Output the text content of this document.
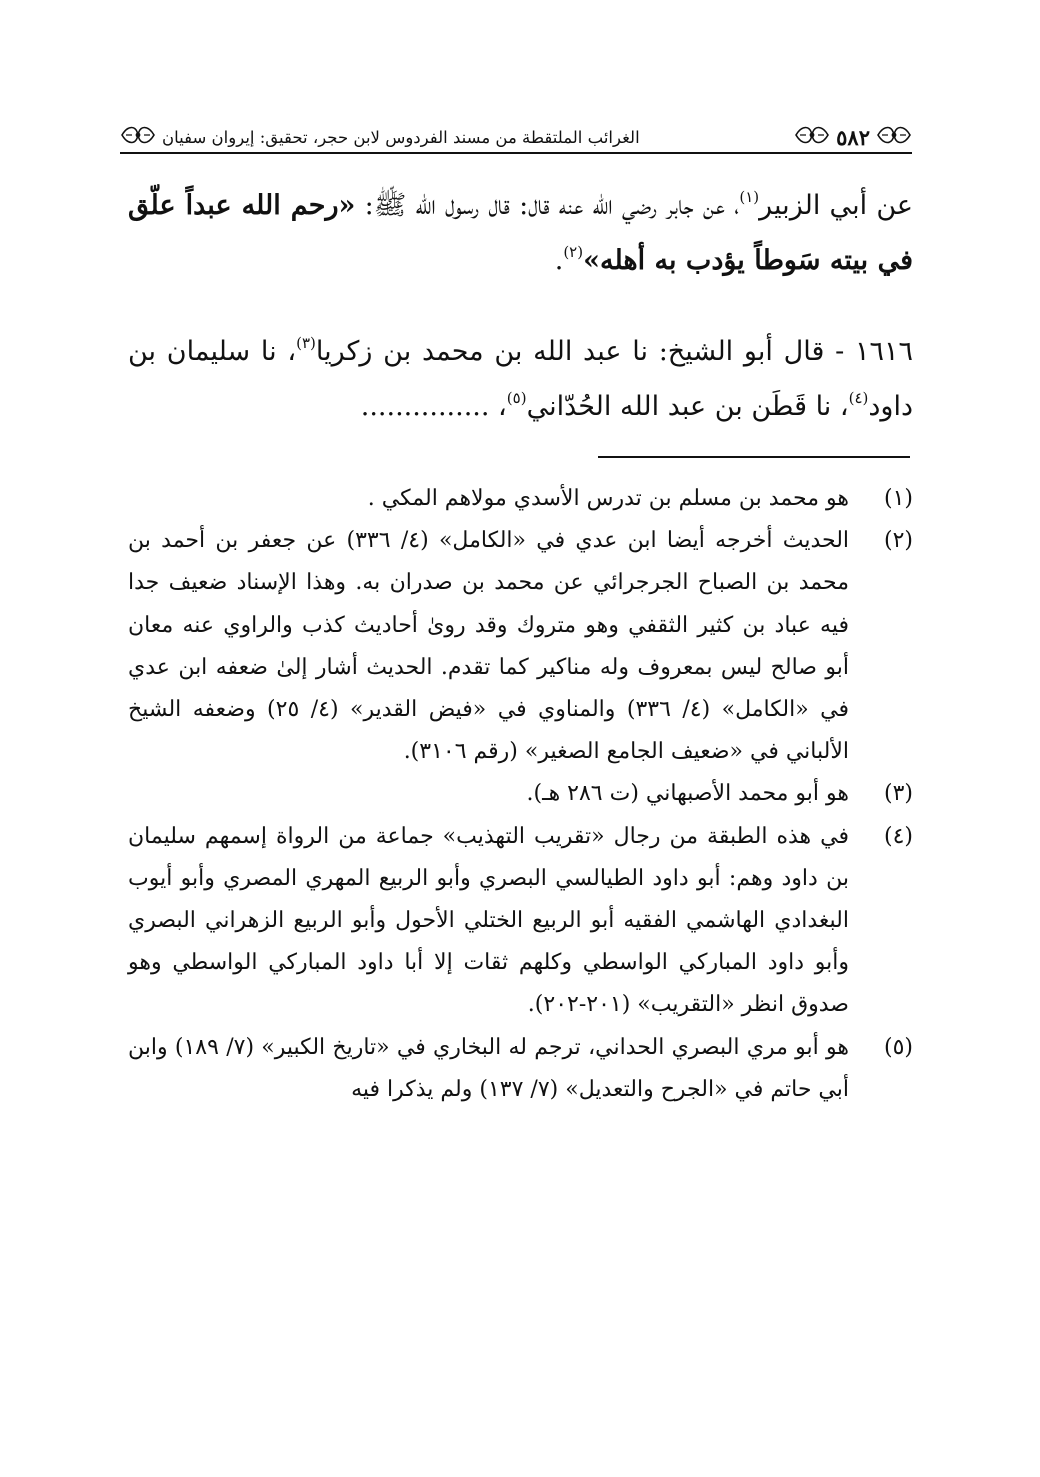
٥٨٢
الغرائب الملتقطة من مسند الفردوس لابن حجر، تحقيق: إيروان سفيان
عن أبي الزبير$^{(١)}$، عن جابر رضي الله عنه قال: قال رسول الله ﷺ: «رحم الله عبداً علّق في بيته سَوطاً يؤدب به أهله»$^{(٢)}$.
١٦١٦ - قال أبو الشيخ: نا عبد الله بن محمد بن زكريا$^{(٣)}$، نا سليمان بن داود$^{(٤)}$، نا قَطَن بن عبد الله الحُدّاني$^{(٥)}$، ...............
(١)
هو محمد بن مسلم بن تدرس الأسدي مولاهم المكي .
(٢)
الحديث أخرجه أيضا ابن عدي في «الكامل» (٤/ ٣٣٦) عن جعفر بن أحمد بن محمد بن الصباح الجرجرائي عن محمد بن صدران به. وهذا الإسناد ضعيف جدا فيه عباد بن كثير الثقفي وهو متروك وقد روىٰ أحاديث كذب والراوي عنه معان أبو صالح ليس بمعروف وله مناكير كما تقدم. الحديث أشار إلىٰ ضعفه ابن عدي في «الكامل» (٤/ ٣٣٦) والمناوي في «فيض القدير» (٤/ ٢٥) وضعفه الشيخ الألباني في «ضعيف الجامع الصغير» (رقم ٣١٠٦).
(٣)
هو أبو محمد الأصبهاني (ت ٢٨٦ هـ).
(٤)
في هذه الطبقة من رجال «تقريب التهذيب» جماعة من الرواة إسمهم سليمان بن داود وهم: أبو داود الطيالسي البصري وأبو الربيع المهري المصري وأبو أيوب البغدادي الهاشمي الفقيه أبو الربيع الختلي الأحول وأبو الربيع الزهراني البصري وأبو داود المباركي الواسطي وكلهم ثقات إلا أبا داود المباركي الواسطي وهو صدوق انظر «التقريب» (٢٠١-٢٠٢).
(٥)
هو أبو مري البصري الحداني، ترجم له البخاري في «تاريخ الكبير» (٧/ ١٨٩) وابن أبي حاتم في «الجرح والتعديل» (٧/ ١٣٧) ولم يذكرا فيه
